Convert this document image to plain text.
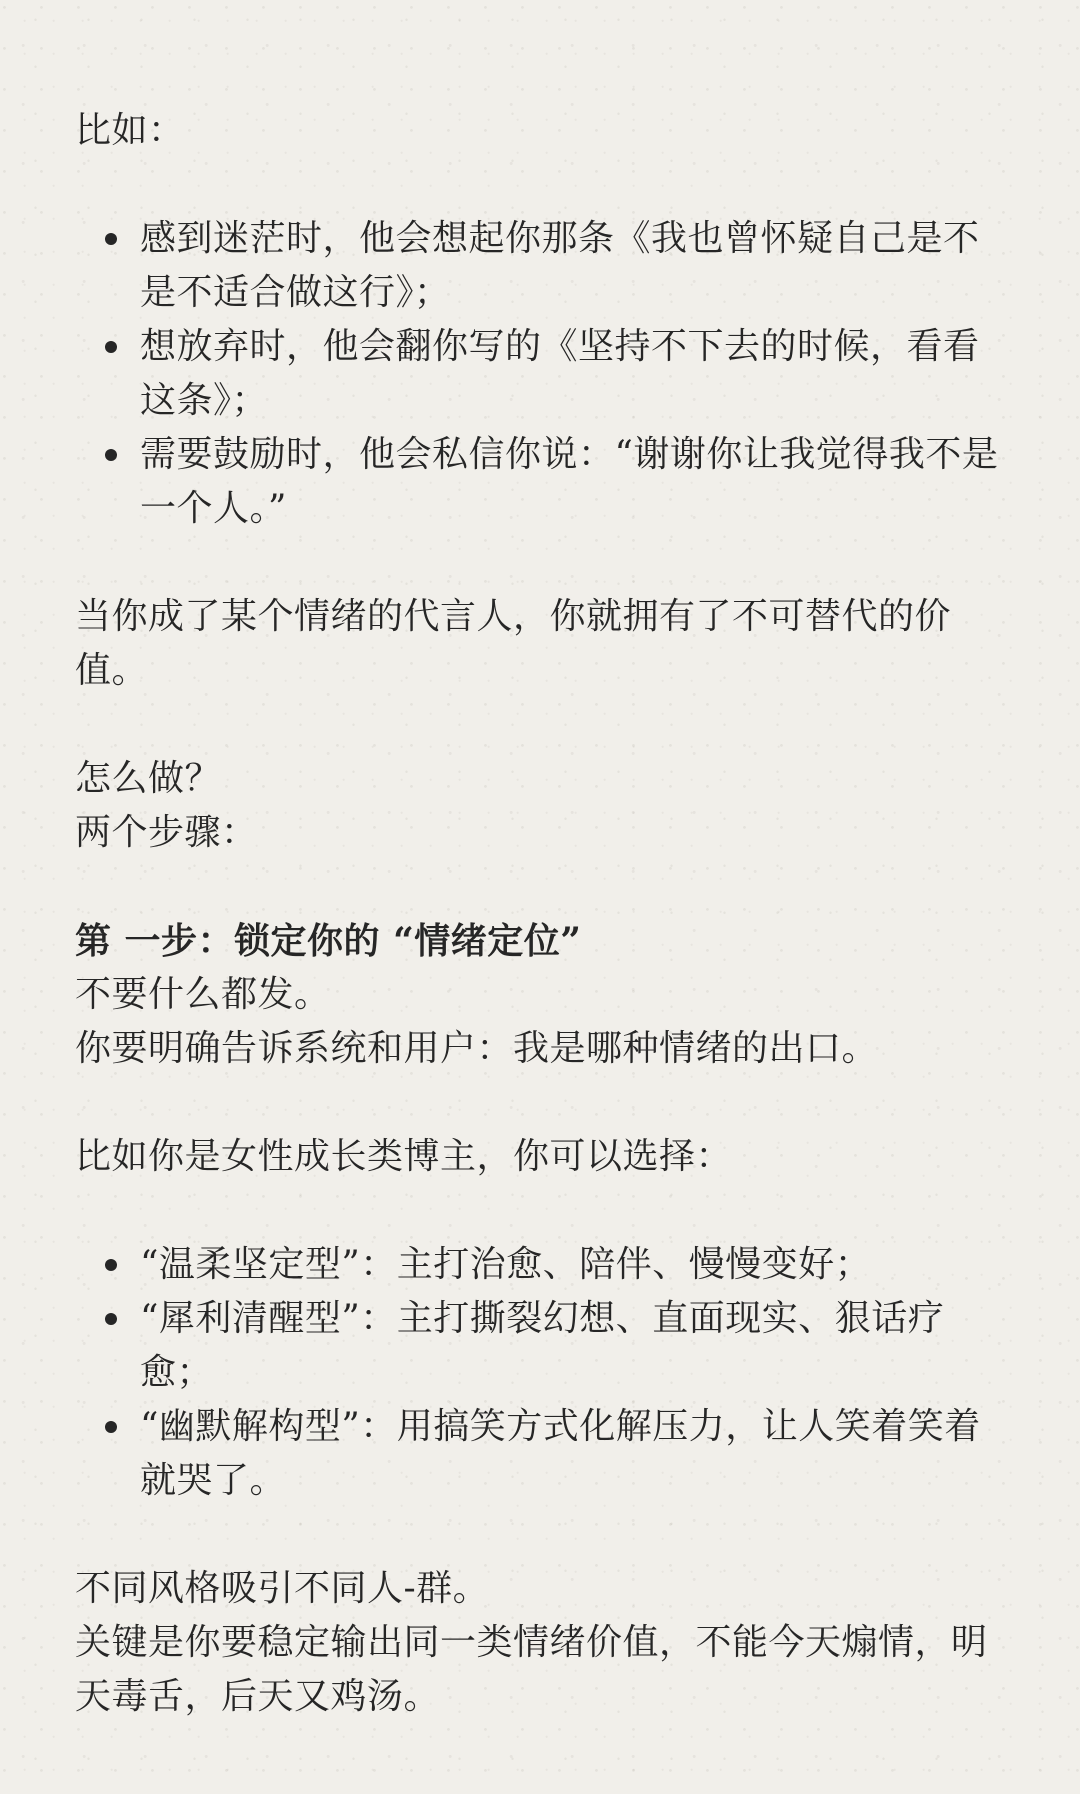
比如：

感到迷茫时，他会想起你那条《我也曾怀疑自己是不是不适合做这行》；
想放弃时，他会翻你写的《坚持不下去的时候，看看这条》；
需要鼓励时，他会私信你说：“谢谢你让我觉得我不是一个人。”

当你成了某个情绪的代言人，你就拥有了不可替代的价值。

怎么做？

两个步骤：

第 一步：锁定你的 “情绪定位”

不要什么都发。

你要明确告诉系统和用户：我是哪种情绪的出口。

比如你是女性成长类博主，你可以选择：

“温柔坚定型”：主打治愈、陪伴、慢慢变好；
“犀利清醒型”：主打撕裂幻想、直面现实、狠话疗愈；
“幽默解构型”：用搞笑方式化解压力，让人笑着笑着就哭了。

不同风格吸引不同人-群。

关键是你要稳定输出同一类情绪价值，不能今天煽情，明天毒舌，后天又鸡汤。
